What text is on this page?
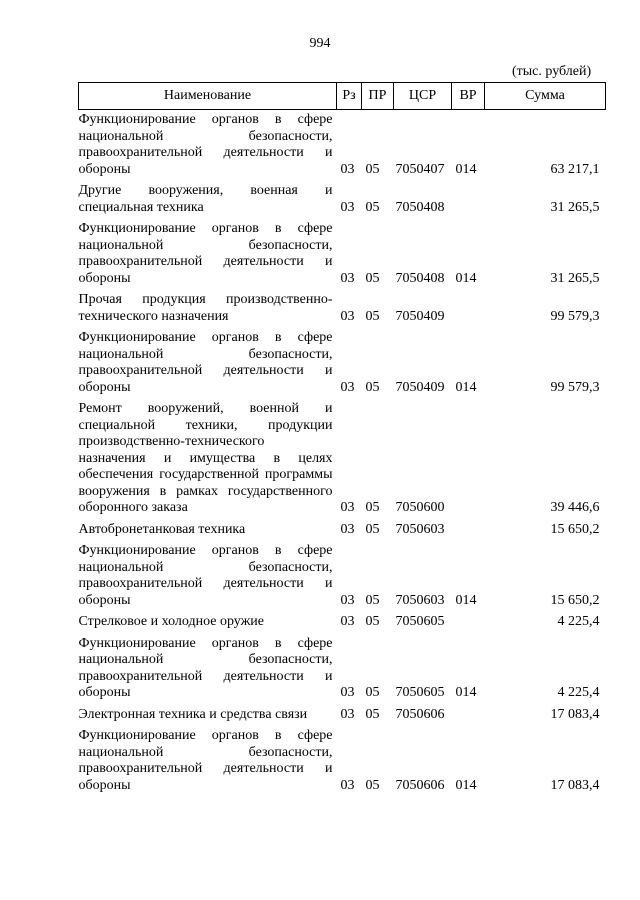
994
(тыс. рублей)
Наименование	Рз	ПР	ЦСР	ВР	Сумма
Функционирование органов в сфере национальной безопасности, правоохранительной деятельности и обороны	03	05	7050407	014	63 217,1
Другие вооружения, военная и специальная техника	03	05	7050408		31 265,5
Функционирование органов в сфере национальной безопасности, правоохранительной деятельности и обороны	03	05	7050408	014	31 265,5
Прочая продукция производственно-технического назначения	03	05	7050409		99 579,3
Функционирование органов в сфере национальной безопасности, правоохранительной деятельности и обороны	03	05	7050409	014	99 579,3
Ремонт вооружений, военной и специальной техники, продукции производственно-технического назначения и имущества в целях обеспечения государственной программы вооружения в рамках государственного оборонного заказа	03	05	7050600		39 446,6
Автобронетанковая техника	03	05	7050603		15 650,2
Функционирование органов в сфере национальной безопасности, правоохранительной деятельности и обороны	03	05	7050603	014	15 650,2
Стрелковое и холодное оружие	03	05	7050605		4 225,4
Функционирование органов в сфере национальной безопасности, правоохранительной деятельности и обороны	03	05	7050605	014	4 225,4
Электронная техника и средства связи	03	05	7050606		17 083,4
Функционирование органов в сфере национальной безопасности, правоохранительной деятельности и обороны	03	05	7050606	014	17 083,4
